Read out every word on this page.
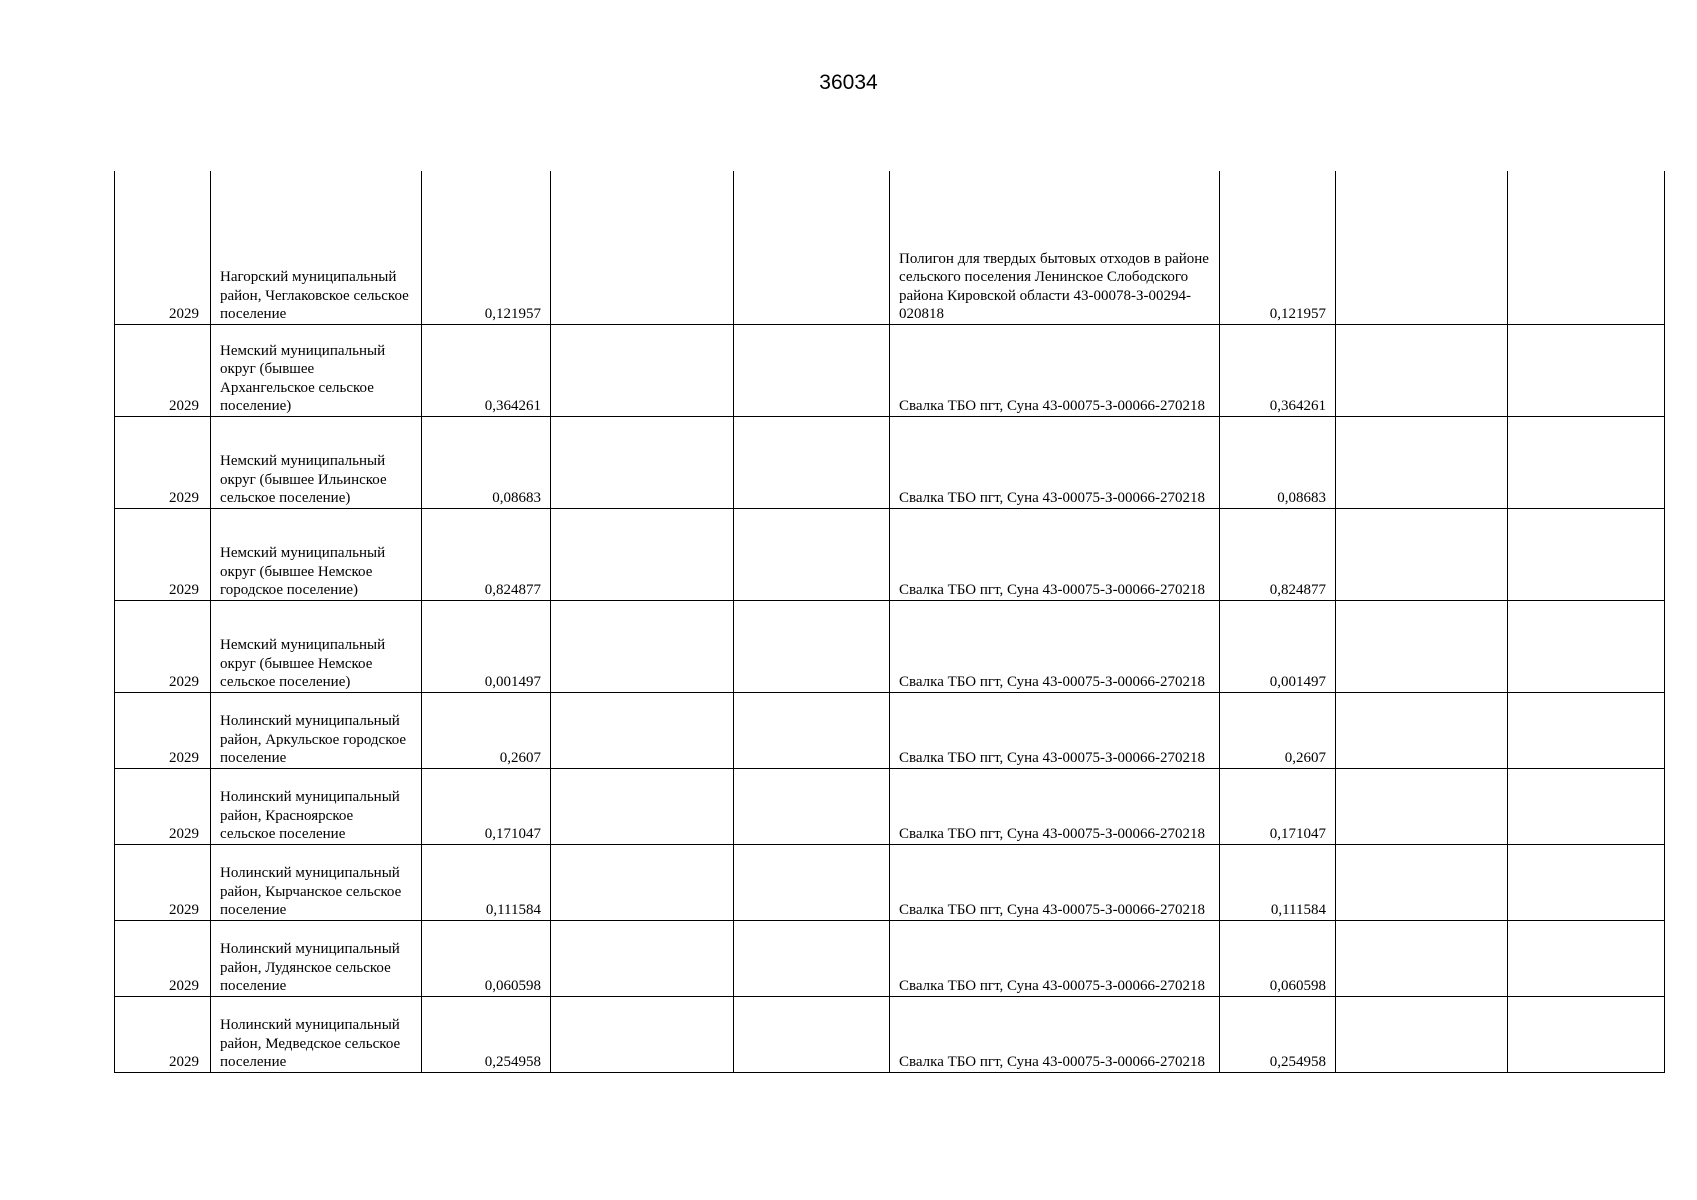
36034
2029	Нагорский муниципальный район, Чеглаковское сельское поселение	0,121957			Полигон для твердых бытовых отходов в районе сельского поселения Ленинское Слободского района Кировской области 43-00078-З-00294-020818	0,121957		
2029	Немский муниципальный округ (бывшее Архангельское сельское поселение)	0,364261			Свалка ТБО пгт, Суна 43-00075-З-00066-270218	0,364261		
2029	Немский муниципальный округ (бывшее Ильинское сельское поселение)	0,08683			Свалка ТБО пгт, Суна 43-00075-З-00066-270218	0,08683		
2029	Немский муниципальный округ (бывшее Немское городское поселение)	0,824877			Свалка ТБО пгт, Суна 43-00075-З-00066-270218	0,824877		
2029	Немский муниципальный округ (бывшее Немское сельское поселение)	0,001497			Свалка ТБО пгт, Суна 43-00075-З-00066-270218	0,001497		
2029	Нолинский муниципальный район, Аркульское городское поселение	0,2607			Свалка ТБО пгт, Суна 43-00075-З-00066-270218	0,2607		
2029	Нолинский муниципальный район, Красноярское сельское поселение	0,171047			Свалка ТБО пгт, Суна 43-00075-З-00066-270218	0,171047		
2029	Нолинский муниципальный район, Кырчанское сельское поселение	0,111584			Свалка ТБО пгт, Суна 43-00075-З-00066-270218	0,111584		
2029	Нолинский муниципальный район, Лудянское сельское поселение	0,060598			Свалка ТБО пгт, Суна 43-00075-З-00066-270218	0,060598		
2029	Нолинский муниципальный район, Медведское сельское поселение	0,254958			Свалка ТБО пгт, Суна 43-00075-З-00066-270218	0,254958		
